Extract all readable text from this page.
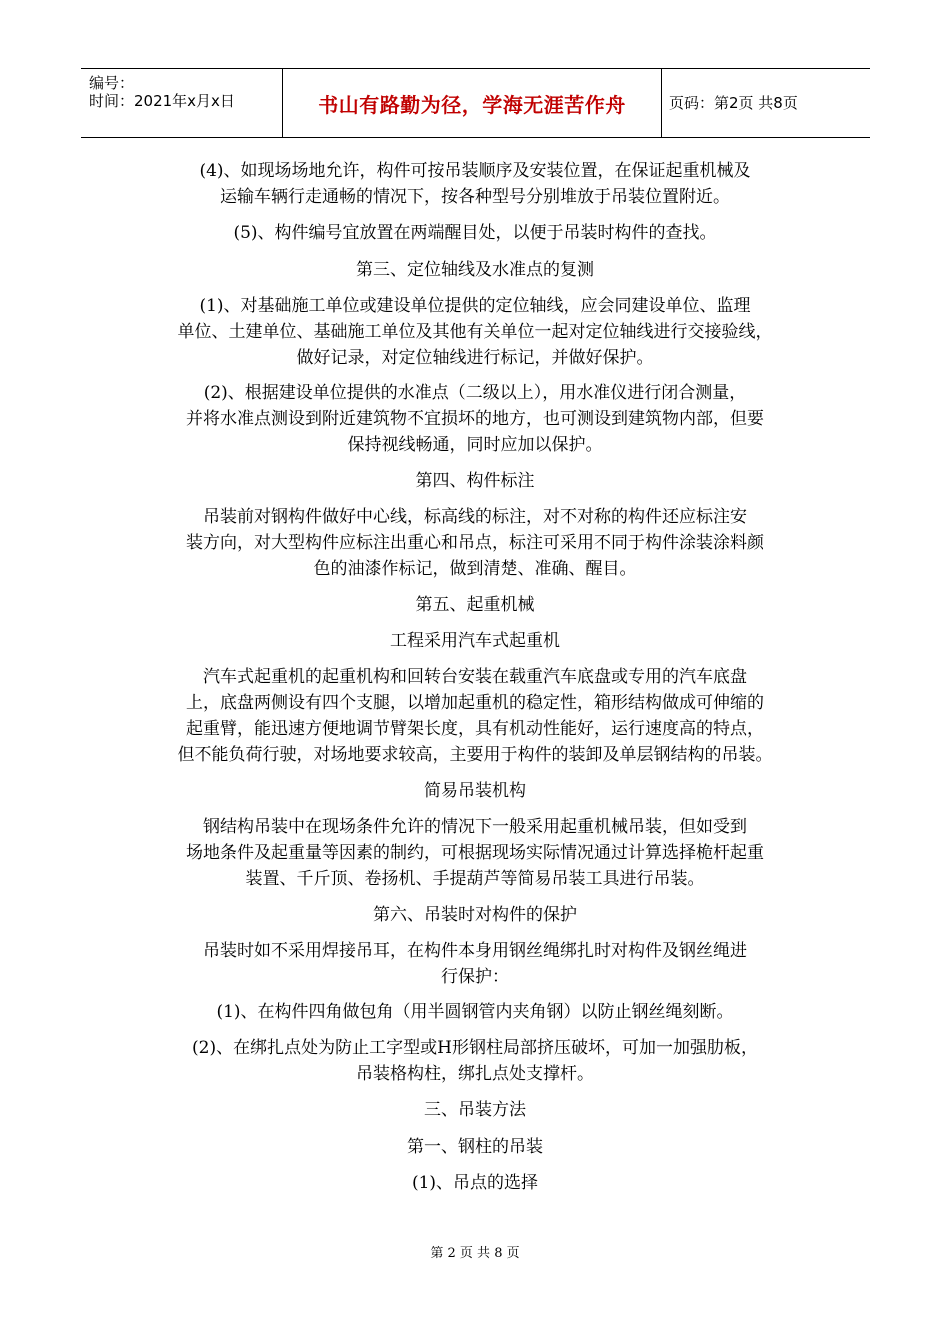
编号：
时间：2021年x月x日	书山有路勤为径，学海无涯苦作舟	页码：第2页 共8页
(4)、如现场场地允许，构件可按吊装顺序及安装位置，在保证起重机械及
运输车辆行走通畅的情况下，按各种型号分别堆放于吊装位置附近。
(5)、构件编号宜放置在两端醒目处，以便于吊装时构件的查找。
第三、定位轴线及水准点的复测
(1)、对基础施工单位或建设单位提供的定位轴线，应会同建设单位、监理
单位、土建单位、基础施工单位及其他有关单位一起对定位轴线进行交接验线，
做好记录，对定位轴线进行标记，并做好保护。
(2)、根据建设单位提供的水准点（二级以上），用水准仪进行闭合测量，
并将水准点测设到附近建筑物不宜损坏的地方，也可测设到建筑物内部，但要
保持视线畅通，同时应加以保护。
第四、构件标注
吊装前对钢构件做好中心线，标高线的标注，对不对称的构件还应标注安
装方向，对大型构件应标注出重心和吊点，标注可采用不同于构件涂装涂料颜
色的油漆作标记，做到清楚、准确、醒目。
第五、起重机械
工程采用汽车式起重机
汽车式起重机的起重机构和回转台安装在载重汽车底盘或专用的汽车底盘
上，底盘两侧设有四个支腿，以增加起重机的稳定性，箱形结构做成可伸缩的
起重臂，能迅速方便地调节臂架长度，具有机动性能好，运行速度高的特点，
但不能负荷行驶，对场地要求较高，主要用于构件的装卸及单层钢结构的吊装。
简易吊装机构
钢结构吊装中在现场条件允许的情况下一般采用起重机械吊装，但如受到
场地条件及起重量等因素的制约，可根据现场实际情况通过计算选择桅杆起重
装置、千斤顶、卷扬机、手提葫芦等简易吊装工具进行吊装。
第六、吊装时对构件的保护
吊装时如不采用焊接吊耳，在构件本身用钢丝绳绑扎时对构件及钢丝绳进
行保护：
(1)、在构件四角做包角（用半圆钢管内夹角钢）以防止钢丝绳刻断。
(2)、在绑扎点处为防止工字型或H形钢柱局部挤压破坏，可加一加强肋板，
吊装格构柱，绑扎点处支撑杆。
三、吊装方法
第一、钢柱的吊装
(1)、吊点的选择
第 2 页 共 8 页
